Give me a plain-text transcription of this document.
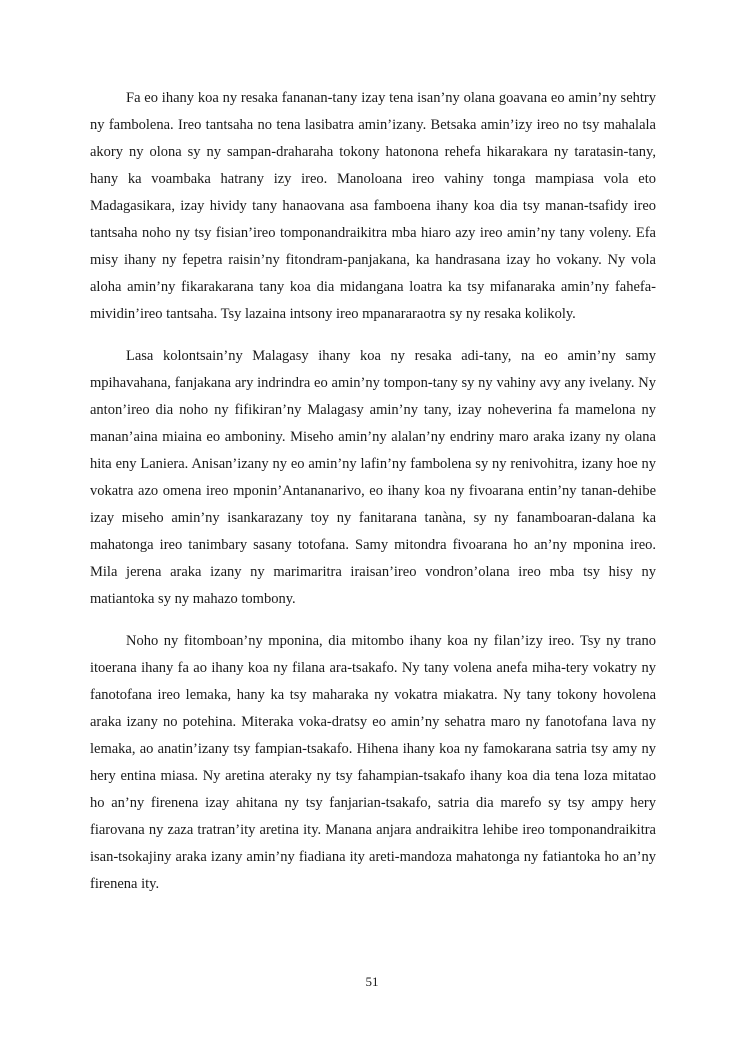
Fa eo ihany koa ny resaka fananan-tany izay tena isan’ny olana goavana eo amin’ny sehtry ny fambolena. Ireo tantsaha no tena lasibatra amin’izany. Betsaka amin’izy ireo no tsy mahalala akory ny olona sy ny sampan-draharaha tokony hatonona rehefa hikarakara ny taratasin-tany, hany ka voambaka hatrany izy ireo. Manoloana ireo vahiny tonga mampiasa vola eto Madagasikara, izay hividy tany hanaovana asa famboena ihany koa dia tsy manan-tsafidy ireo tantsaha noho ny tsy fisian’ireo tomponandraikitra mba hiaro azy ireo amin’ny tany voleny. Efa misy ihany ny fepetra raisin’ny fitondram-panjakana, ka handrasana izay ho vokany. Ny vola aloha amin’ny fikarakarana tany koa dia midangana loatra ka tsy mifanaraka amin’ny fahefa-mividin’ireo tantsaha. Tsy lazaina intsony ireo mpanararaotra sy ny resaka kolikoly.

Lasa kolontsain’ny Malagasy ihany koa ny resaka adi-tany, na eo amin’ny samy mpihavahana, fanjakana ary indrindra eo amin’ny tompon-tany sy ny vahiny avy any ivelany. Ny anton’ireo dia noho ny fifikiran’ny Malagasy amin’ny tany, izay noheverina fa mamelona ny manan’aina miaina eo amboniny. Miseho amin’ny alalan’ny endriny maro araka izany ny olana hita eny Laniera. Anisan’izany ny eo amin’ny lafin’ny fambolena sy ny renivohitra, izany hoe ny vokatra azo omena ireo mponin’Antananarivo, eo ihany koa ny fivoarana entin’ny tanan-dehibe izay miseho amin’ny isankarazany toy ny fanitarana tanàna, sy ny fanamboaran-dalana ka mahatonga ireo tanimbary sasany totofana. Samy mitondra fivoarana ho an’ny mponina ireo. Mila jerena araka izany ny marimaritra iraisan’ireo vondron’olana ireo mba tsy hisy ny matiantoka sy ny mahazo tombony.

Noho ny fitomboan’ny mponina, dia mitombo ihany koa ny filan’izy ireo. Tsy ny trano itoerana ihany fa ao ihany koa ny filana ara-tsakafo. Ny tany volena anefa miha-tery vokatry ny fanotofana ireo lemaka, hany ka tsy maharaka ny vokatra miakatra. Ny tany tokony hovolena araka izany no potehina. Miteraka voka-dratsy eo amin’ny sehatra maro ny fanotofana lava ny lemaka, ao anatin’izany tsy fampian-tsakafo. Hihena ihany koa ny famokarana satria tsy amy ny hery entina miasa. Ny aretina ateraky ny tsy fahampian-tsakafo ihany koa dia tena loza mitatao ho an’ny firenena izay ahitana ny tsy fanjarian-tsakafo, satria dia marefo sy tsy ampy hery fiarovana ny zaza tratran’ity aretina ity. Manana anjara andraikitra lehibe ireo tomponandraikitra isan-tsokajiny araka izany amin’ny fiadiana ity areti-mandoza mahatonga ny fatiantoka ho an’ny firenena ity.

51
